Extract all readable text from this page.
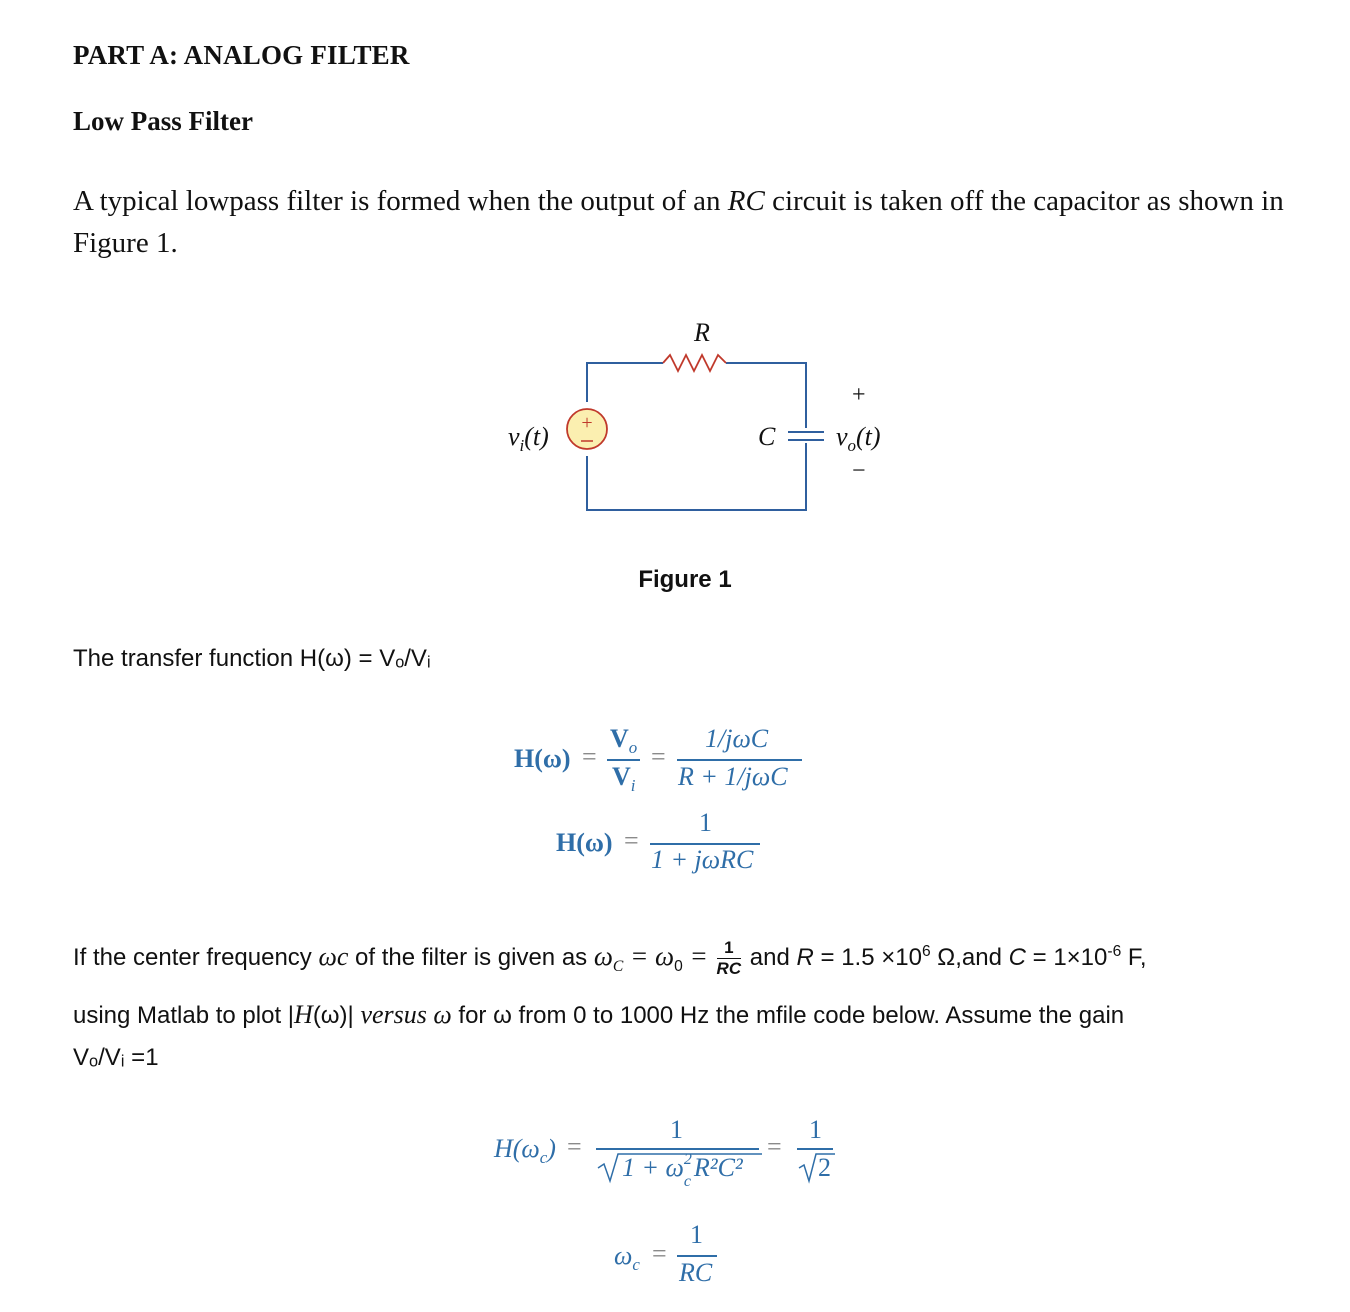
PART A: ANALOG FILTER
Low Pass Filter
A typical lowpass filter is formed when the output of an RC circuit is taken off the capacitor as shown in Figure 1.
+
R
C
$v_i(t)$	$v_o(t)$
+
−
Figure 1
The transfer function H(ω) = Vₒ/Vᵢ
H(ω) =
$V_o$
$V_i$
=
1/jωC
R + 1/jωC
H(ω) =
1
1 + jωRC
If the center frequency ωc of the filter is given as $\omega_C = \omega_0 = \frac{1}{RC}$ and $R = 1.5 \times 10^6$ Ω,and $C = 1\times 10^{-6}$ F,
using Matlab to plot |H(ω)| versus ω for ω from 0 to 1000 Hz the mfile code below. Assume the gain
Vₒ/Vᵢ =1
$H(\omega_c)$ =
1
1 + ω 2
c R²C²
=
1
2
$\omega_c$ =
1
RC
